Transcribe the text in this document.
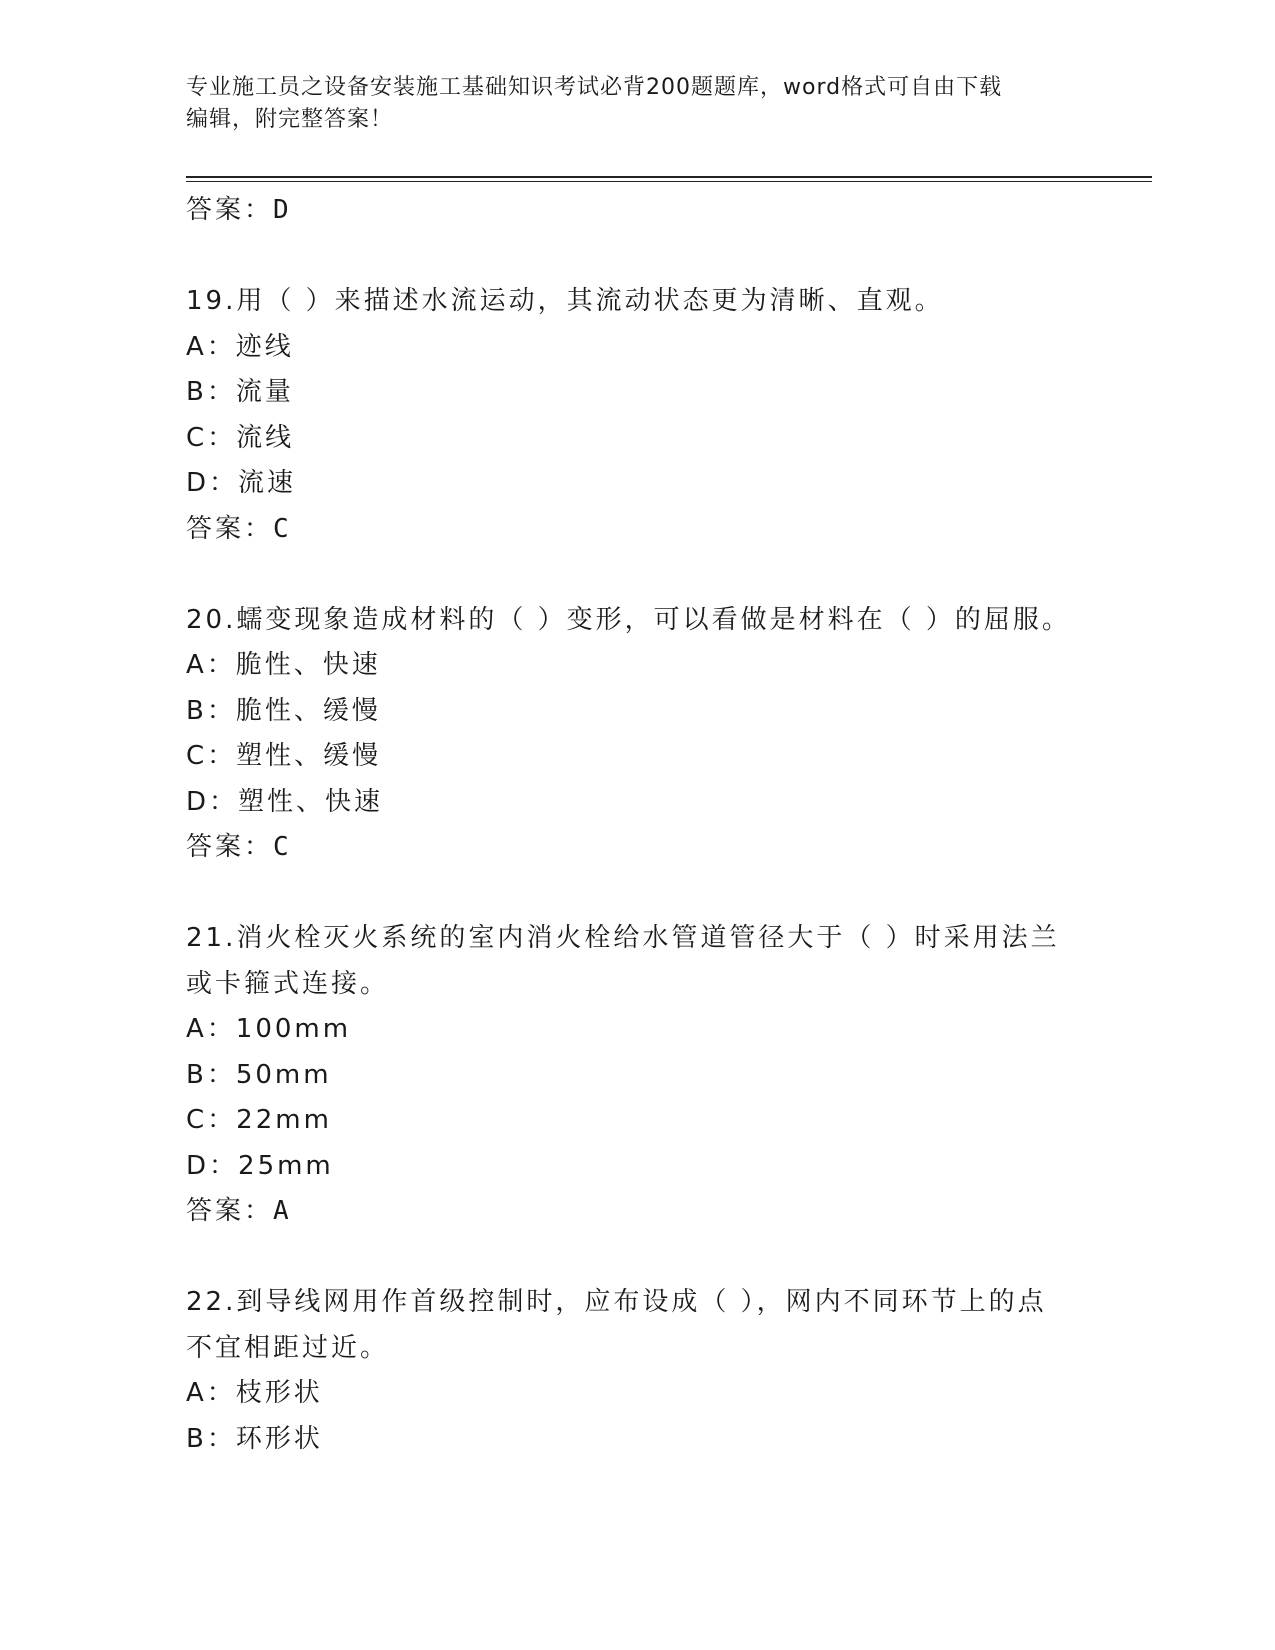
专业施工员之设备安装施工基础知识考试必背200题题库，word格式可自由下载
编辑，附完整答案！
答案：D
19.用（ ）来描述水流运动，其流动状态更为清晰、直观。
A：迹线
B：流量
C：流线
D：流速
答案：C
20.蠕变现象造成材料的（ ）变形，可以看做是材料在（ ）的屈服。
A：脆性、快速
B：脆性、缓慢
C：塑性、缓慢
D：塑性、快速
答案：C
21.消火栓灭火系统的室内消火栓给水管道管径大于（ ）时采用法兰
或卡箍式连接。
A：100mm
B：50mm
C：22mm
D：25mm
答案：A
22.到导线网用作首级控制时，应布设成（ ），网内不同环节上的点
不宜相距过近。
A：枝形状
B：环形状
